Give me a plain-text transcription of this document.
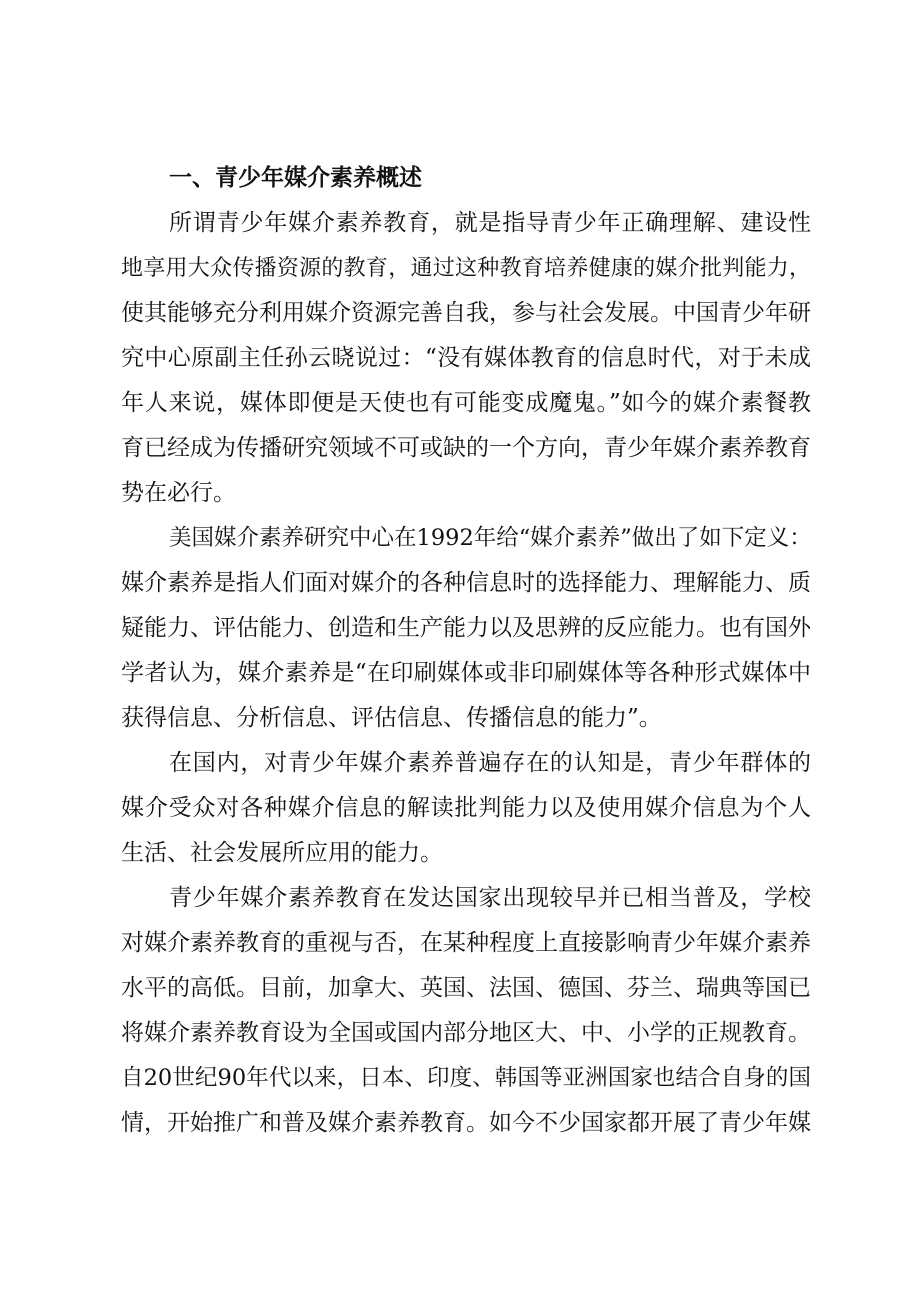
一、青少年媒介素养概述
所谓青少年媒介素养教育，就是指导青少年正确理解、建设性
地享用大众传播资源的教育，通过这种教育培养健康的媒介批判能力，
使其能够充分利用媒介资源完善自我，参与社会发展。中国青少年研
究中心原副主任孙云晓说过：“没有媒体教育的信息时代，对于未成
年人来说，媒体即便是天使也有可能变成魔鬼。”如今的媒介素餐教
育已经成为传播研究领域不可或缺的一个方向，青少年媒介素养教育
势在必行。
美国媒介素养研究中心在1992年给“媒介素养”做出了如下定义：
媒介素养是指人们面对媒介的各种信息时的选择能力、理解能力、质
疑能力、评估能力、创造和生产能力以及思辨的反应能力。也有国外
学者认为，媒介素养是“在印刷媒体或非印刷媒体等各种形式媒体中
获得信息、分析信息、评估信息、传播信息的能力”。
在国内，对青少年媒介素养普遍存在的认知是，青少年群体的
媒介受众对各种媒介信息的解读批判能力以及使用媒介信息为个人
生活、社会发展所应用的能力。
青少年媒介素养教育在发达国家出现较早并已相当普及，学校
对媒介素养教育的重视与否，在某种程度上直接影响青少年媒介素养
水平的高低。目前，加拿大、英国、法国、德国、芬兰、瑞典等国已
将媒介素养教育设为全国或国内部分地区大、中、小学的正规教育。
自20世纪90年代以来，日本、印度、韩国等亚洲国家也结合自身的国
情，开始推广和普及媒介素养教育。如今不少国家都开展了青少年媒
